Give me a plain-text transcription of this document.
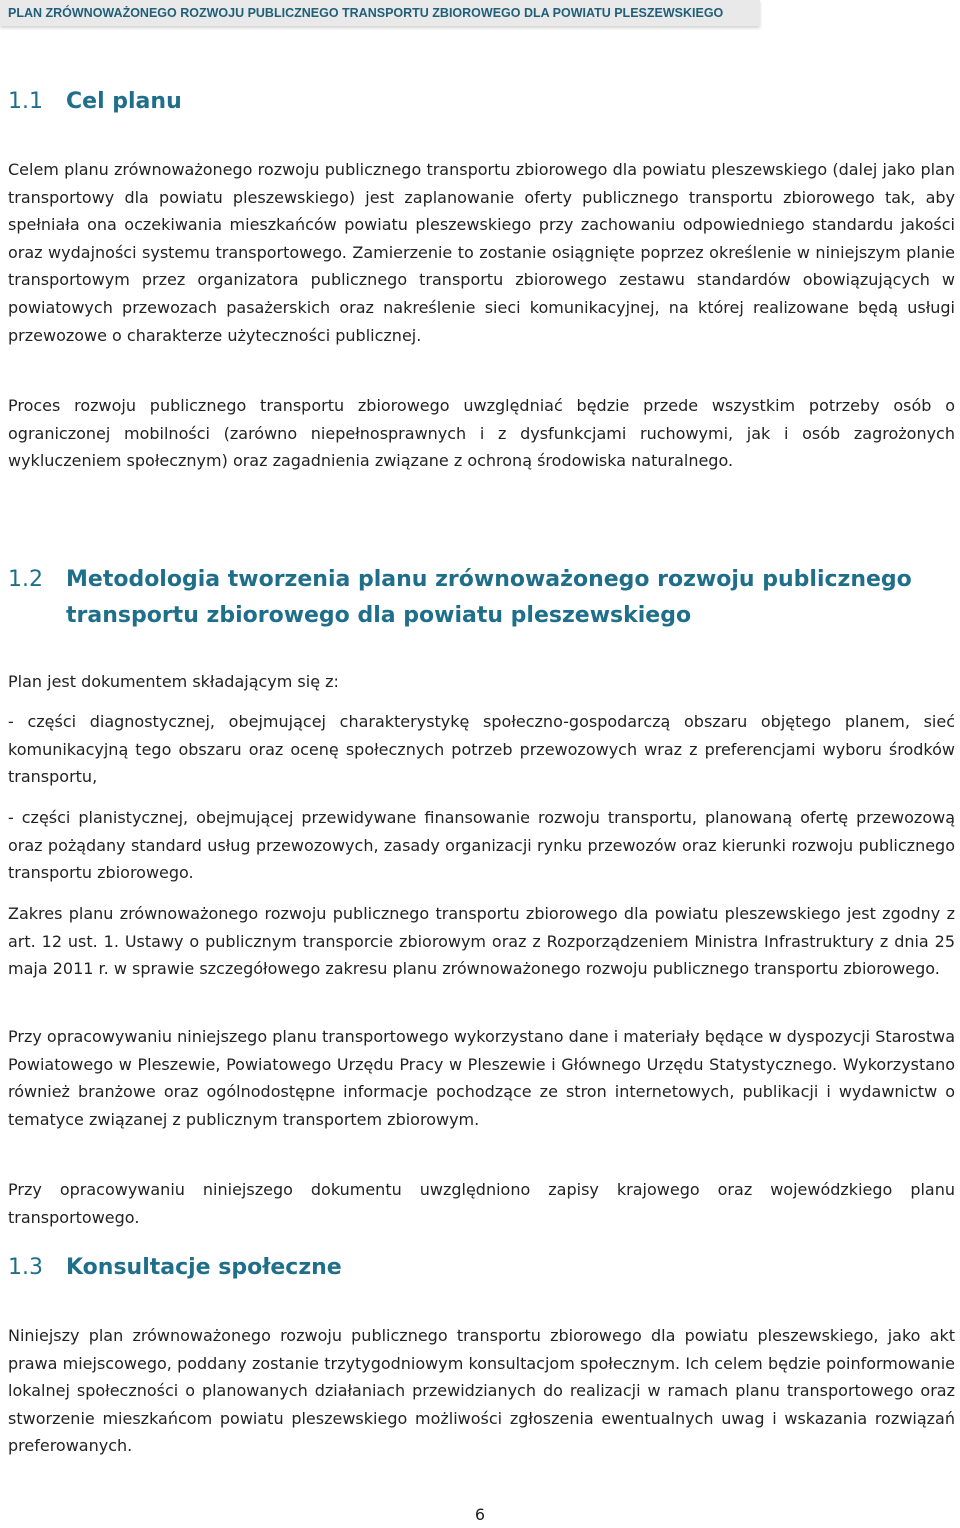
PLAN ZRÓWNOWAŻONEGO ROZWOJU PUBLICZNEGO TRANSPORTU ZBIOROWEGO DLA POWIATU PLESZEWSKIEGO
1.1 Cel planu

Celem planu zrównoważonego rozwoju publicznego transportu zbiorowego dla powiatu pleszewskiego (dalej jako plan transportowy dla powiatu pleszewskiego) jest zaplanowanie oferty publicznego transportu zbiorowego tak, aby spełniała ona oczekiwania mieszkańców powiatu pleszewskiego przy zachowaniu odpowiedniego standardu jakości oraz wydajności systemu transportowego. Zamierzenie to zostanie osiągnięte poprzez określenie w niniejszym planie transportowym przez organizatora publicznego transportu zbiorowego zestawu standardów obowiązujących w powiatowych przewozach pasażerskich oraz nakreślenie sieci komunikacyjnej, na której realizowane będą usługi przewozowe o charakterze użyteczności publicznej.

Proces rozwoju publicznego transportu zbiorowego uwzględniać będzie przede wszystkim potrzeby osób o ograniczonej mobilności (zarówno niepełnosprawnych i z dysfunkcjami ruchowymi, jak i osób zagrożonych wykluczeniem społecznym) oraz zagadnienia związane z ochroną środowiska naturalnego.

1.2 Metodologia tworzenia planu zrównoważonego rozwoju publicznego
transportu zbiorowego dla powiatu pleszewskiego

Plan jest dokumentem składającym się z:

- części diagnostycznej, obejmującej charakterystykę społeczno-gospodarczą obszaru objętego planem, sieć komunikacyjną tego obszaru oraz ocenę społecznych potrzeb przewozowych wraz z preferencjami wyboru środków transportu,

- części planistycznej, obejmującej przewidywane finansowanie rozwoju transportu, planowaną ofertę przewozową oraz pożądany standard usług przewozowych, zasady organizacji rynku przewozów oraz kierunki rozwoju publicznego transportu zbiorowego.

Zakres planu zrównoważonego rozwoju publicznego transportu zbiorowego dla powiatu pleszewskiego jest zgodny z art. 12 ust. 1. Ustawy o publicznym transporcie zbiorowym oraz z Rozporządzeniem Ministra Infrastruktury z dnia 25 maja 2011 r. w sprawie szczegółowego zakresu planu zrównoważonego rozwoju publicznego transportu zbiorowego.

Przy opracowywaniu niniejszego planu transportowego wykorzystano dane i materiały będące w dyspozycji Starostwa Powiatowego w Pleszewie, Powiatowego Urzędu Pracy w Pleszewie i Głównego Urzędu Statystycznego. Wykorzystano również branżowe oraz ogólnodostępne informacje pochodzące ze stron internetowych, publikacji i wydawnictw o tematyce związanej z publicznym transportem zbiorowym.

Przy opracowywaniu niniejszego dokumentu uwzględniono zapisy krajowego oraz wojewódzkiego planu transportowego.

1.3 Konsultacje społeczne

Niniejszy plan zrównoważonego rozwoju publicznego transportu zbiorowego dla powiatu pleszewskiego, jako akt prawa miejscowego, poddany zostanie trzytygodniowym konsultacjom społecznym. Ich celem będzie poinformowanie lokalnej społeczności o planowanych działaniach przewidzianych do realizacji w ramach planu transportowego oraz stworzenie mieszkańcom powiatu pleszewskiego możliwości zgłoszenia ewentualnych uwag i wskazania rozwiązań preferowanych.

6
